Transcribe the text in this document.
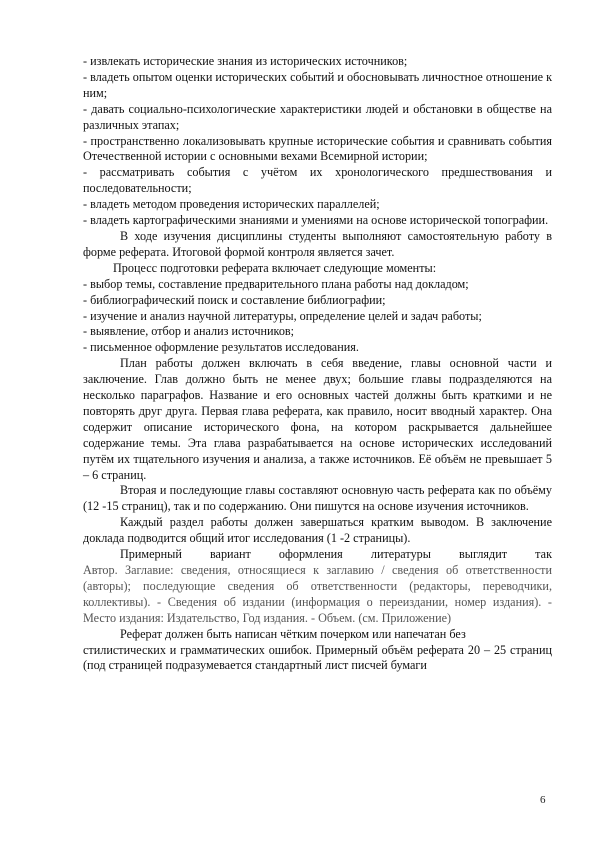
- извлекать исторические знания из исторических источников;

- владеть опытом оценки исторических событий и обосновывать личностное отношение к ним;

- давать социально-психологические характеристики людей и обстановки в обществе на различных этапах;

- пространственно локализовывать крупные исторические события и сравнивать события Отечественной истории с основными вехами Всемирной истории;

- рассматривать события с учётом их хронологического предшествования и последовательности;

- владеть методом проведения исторических параллелей;

- владеть картографическими знаниями и умениями на основе исторической топографии.

В ходе изучения дисциплины студенты выполняют самостоятельную работу в форме реферата. Итоговой формой контроля является зачет.

Процесс подготовки реферата включает следующие моменты:

- выбор темы, составление предварительного плана работы над докладом;

- библиографический поиск и составление библиографии;

- изучение и анализ научной литературы, определение целей и задач работы;

- выявление, отбор и анализ источников;

- письменное оформление результатов исследования.

План работы должен включать в себя введение, главы основной части и заключение. Глав должно быть не менее двух; большие главы подразделяются на несколько параграфов. Название и его основных частей должны быть краткими и не повторять друг друга. Первая глава реферата, как правило, носит вводный характер. Она содержит описание исторического фона, на котором раскрывается дальнейшее содержание темы. Эта глава разрабатывается на основе исторических исследований путём их тщательного изучения и анализа, а также источников. Её объём не превышает 5 – 6 страниц.

Вторая и последующие главы составляют основную часть реферата как по объёму (12 -15 страниц), так и по содержанию. Они пишутся на основе изучения источников.

Каждый раздел работы должен завершаться кратким выводом. В заключение доклада подводится общий итог исследования (1 -2 страницы).

Примерный вариант оформления литературы выглядит так

Автор. Заглавие: сведения, относящиеся к заглавию / сведения об ответственности (авторы); последующие сведения об ответственности (редакторы, переводчики, коллективы). - Сведения об издании (информация о переиздании, номер издания). - Место издания: Издательство, Год издания. - Объем. (см. Приложение)

Реферат должен быть написан чётким почерком или напечатан без

стилистических и грамматических ошибок. Примерный объём реферата 20 – 25 страниц (под страницей подразумевается стандартный лист писчей бумаги

6
